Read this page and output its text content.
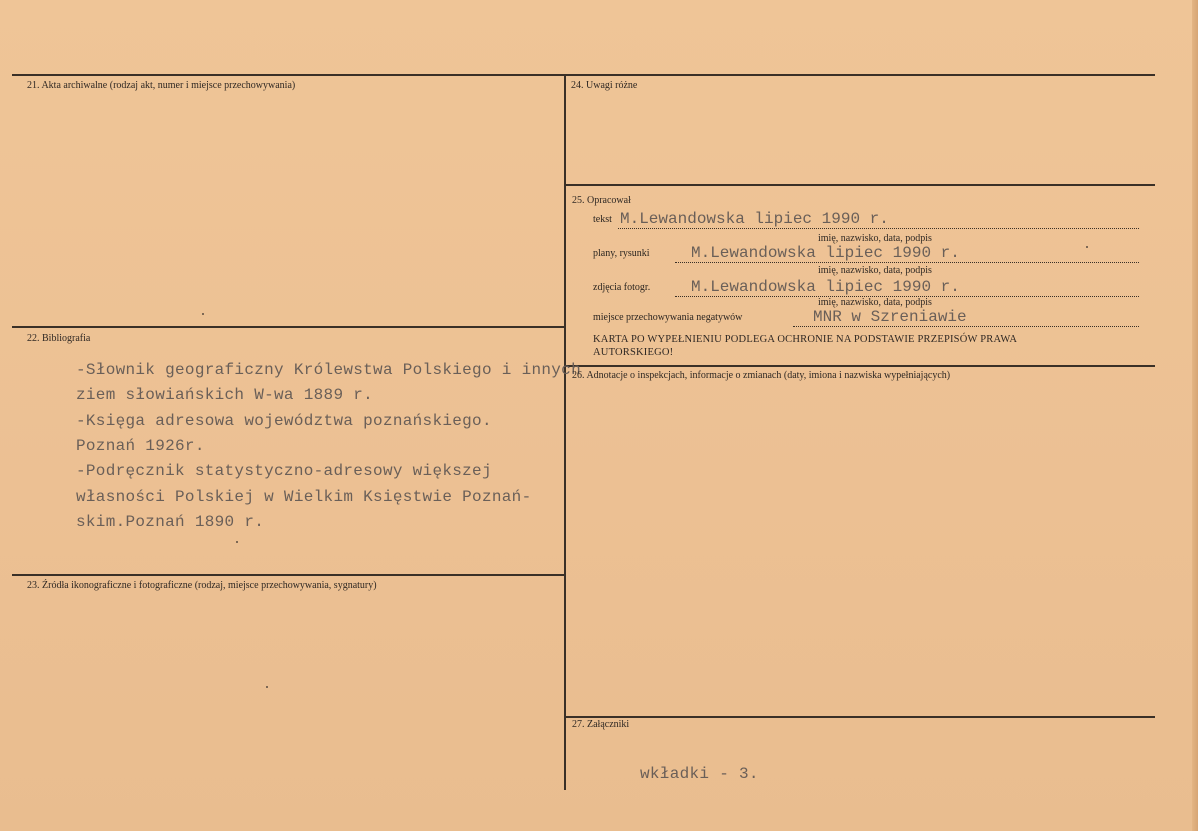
21. Akta archiwalne (rodzaj akt, numer i miejsce przechowywania)
22. Bibliografia
-Słownik geograficzny Królewstwa Polskiego i innych
ziem słowiańskich W-wa 1889 r.
-Księga adresowa województwa poznańskiego.
Poznań 1926r.
-Podręcznik statystyczno-adresowy większej
własności Polskiej w Wielkim Księstwie Poznań-
skim.Poznań 1890 r.
23. Źródła ikonograficzne i fotograficzne (rodzaj, miejsce przechowywania, sygnatury)
24. Uwagi różne
25. Opracował
tekst M.Lewandowska lipiec 1990 r.
imię, nazwisko, data, podpis
plany, rysunki	M.Lewandowska lipiec 1990 r.
imię, nazwisko, data, podpis
zdjęcia fotogr.	M.Lewandowska lipiec 1990 r.
imię, nazwisko, data, podpis
miejsce przechowywania negatywów	MNR w Szreniawie
KARTA PO WYPEŁNIENIU PODLEGA OCHRONIE NA PODSTAWIE PRZEPISÓW PRAWA
AUTORSKIEGO!
26. Adnotacje o inspekcjach, informacje o zmianach (daty, imiona i nazwiska wypełniających)
27. Załączniki
wkładki - 3.
